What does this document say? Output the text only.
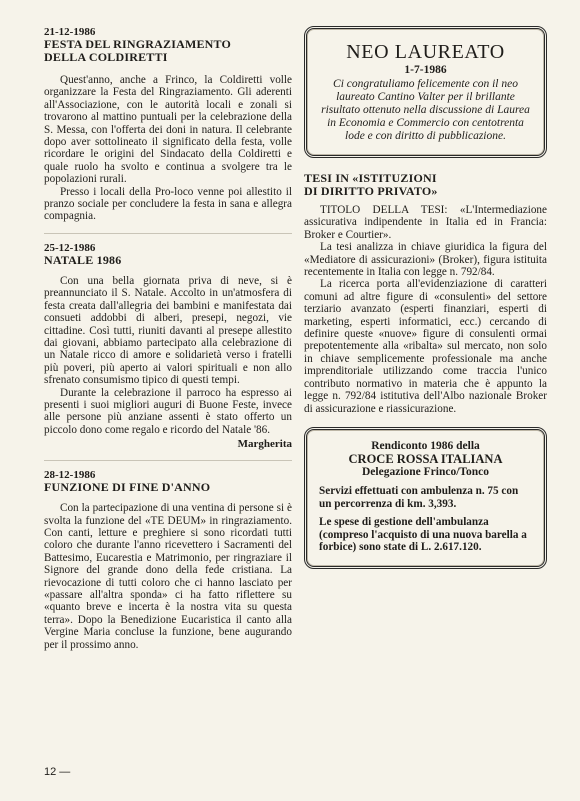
21-12-1986

FESTA DEL RINGRAZIAMENTO

DELLA COLDIRETTI

Quest'anno, anche a Frinco, la Coldiretti volle organizzare la Festa del Ringraziamento. Gli aderenti all'Associazione, con le autorità locali e zonali si trovarono al mattino puntuali per la celebrazione della S. Messa, con l'offerta dei doni in natura. Il celebrante dopo aver sottolineato il significato della festa, volle ricordare le origini del Sindacato della Coldiretti e quale ruolo ha svolto e continua a svolgere tra le popolazioni rurali.

Presso i locali della Pro-loco venne poi allestito il pranzo sociale per concludere la festa in sana e allegra compagnia.

25-12-1986

NATALE 1986

Con una bella giornata priva di neve, si è preannunciato il S. Natale. Accolto in un'atmosfera di festa creata dall'allegria dei bambini e manifestata dai consueti addobbi di alberi, presepi, negozi, vie cittadine. Così tutti, riuniti davanti al presepe allestito dai giovani, abbiamo partecipato alla celebrazione di un Natale ricco di amore e solidarietà verso i fratelli più poveri, più aperto ai valori spirituali e non allo sfrenato consumismo tipico di questi tempi.

Durante la celebrazione il parroco ha espresso ai presenti i suoi migliori auguri di Buone Feste, invece alle persone più anziane assenti è stato offerto un piccolo dono come regalo e ricordo del Natale '86.

Margherita

28-12-1986

FUNZIONE DI FINE D'ANNO

Con la partecipazione di una ventina di persone si è svolta la funzione del «TE DEUM» in ringraziamento. Con canti, letture e preghiere si sono ricordati tutti coloro che durante l'anno ricevettero i Sacramenti del Battesimo, Eucarestia e Matrimonio, per ringraziare il Signore del grande dono della fede cristiana. La rievocazione di tutti coloro che ci hanno lasciato per «passare all'altra sponda» ci ha fatto riflettere su «quanto breve e incerta è la nostra vita su questa terra». Dopo la Benedizione Eucaristica il canto alla Vergine Maria concluse la funzione, bene augurando per il prossimo anno.

NEO LAUREATO

1-7-1986

Ci congratuliamo felicemente con il neo laureato Cantino Valter per il brillante risultato ottenuto nella discussione di Laurea in Economia e Commercio con centotrenta lode e con diritto di pubblicazione.

TESI IN «ISTITUZIONI

DI DIRITTO PRIVATO»

TITOLO DELLA TESI: «L'Intermediazione assicurativa indipendente in Italia ed in Francia: Broker e Courtier».

La tesi analizza in chiave giuridica la figura del «Mediatore di assicurazioni» (Broker), figura istituita recentemente in Italia con legge n. 792/84.

La ricerca porta all'evidenziazione di caratteri comuni ad altre figure di «consulenti» del settore terziario avanzato (esperti finanziari, esperti di marketing, esperti informatici, ecc.) cercando di definire queste «nuove» figure di consulenti ormai prepotentemente alla «ribalta» sul mercato, non solo in chiave semplicemente professionale ma anche imprenditoriale utilizzando come traccia l'unico contributo normativo in materia che è appunto la legge n. 792/84 istitutiva dell'Albo nazionale Broker di assicurazione e riassicurazione.

Rendiconto 1986 della

CROCE ROSSA ITALIANA

Delegazione Frinco/Tonco

Servizi effettuati con ambulenza n. 75 con un percorrenza di km. 3,393.

Le spese di gestione dell'ambulanza (compreso l'acquisto di una nuova barella a forbice) sono state di L. 2.617.120.

12 —
